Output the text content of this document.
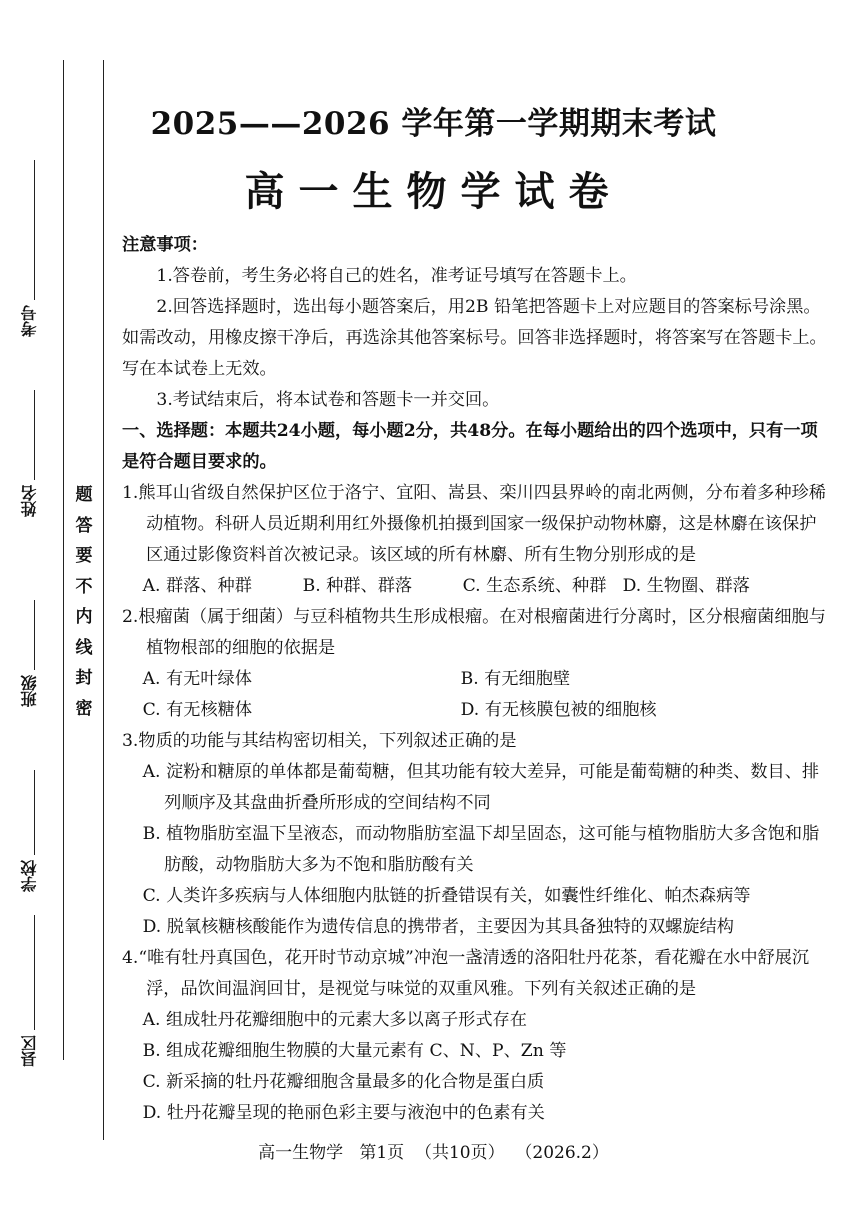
考号
姓名
班级
学校
县区
题
答
要
不
内
线
封
密
2025——2026 学年第一学期期末考试
高一生物学试卷

注意事项：

1.答卷前，考生务必将自己的姓名，准考证号填写在答题卡上。

2.回答选择题时，选出每小题答案后，用2B 铅笔把答题卡上对应题目的答案标号涂黑。如需改动，用橡皮擦干净后，再选涂其他答案标号。回答非选择题时，将答案写在答题卡上。写在本试卷上无效。

3.考试结束后，将本试卷和答题卡一并交回。

一、选择题：本题共24小题，每小题2分，共48分。在每小题给出的四个选项中，只有一项是符合题目要求的。

1.熊耳山省级自然保护区位于洛宁、宜阳、嵩县、栾川四县界岭的南北两侧，分布着多种珍稀动植物。科研人员近期利用红外摄像机拍摄到国家一级保护动物林麝，这是林麝在该保护区通过影像资料首次被记录。该区域的所有林麝、所有生物分别形成的是

A. 群落、种群	B. 种群、群落	C. 生态系统、种群 D. 生物圈、群落

2.根瘤菌（属于细菌）与豆科植物共生形成根瘤。在对根瘤菌进行分离时，区分根瘤菌细胞与植物根部的细胞的依据是

A. 有无叶绿体	B. 有无细胞壁
C. 有无核糖体	D. 有无核膜包被的细胞核

3.物质的功能与其结构密切相关，下列叙述正确的是

A. 淀粉和糖原的单体都是葡萄糖，但其功能有较大差异，可能是葡萄糖的种类、数目、排列顺序及其盘曲折叠所形成的空间结构不同

B. 植物脂肪室温下呈液态，而动物脂肪室温下却呈固态，这可能与植物脂肪大多含饱和脂肪酸，动物脂肪大多为不饱和脂肪酸有关

C. 人类许多疾病与人体细胞内肽链的折叠错误有关，如囊性纤维化、帕杰森病等

D. 脱氧核糖核酸能作为遗传信息的携带者，主要因为其具备独特的双螺旋结构

4.“唯有牡丹真国色，花开时节动京城”冲泡一盏清透的洛阳牡丹花茶，看花瓣在水中舒展沉浮，品饮间温润回甘，是视觉与味觉的双重风雅。下列有关叙述正确的是

A. 组成牡丹花瓣细胞中的元素大多以离子形式存在

B. 组成花瓣细胞生物膜的大量元素有 C、N、P、Zn 等

C. 新采摘的牡丹花瓣细胞含量最多的化合物是蛋白质

D. 牡丹花瓣呈现的艳丽色彩主要与液泡中的色素有关

高一生物学   第1页  （共10页）  （2026.2）
